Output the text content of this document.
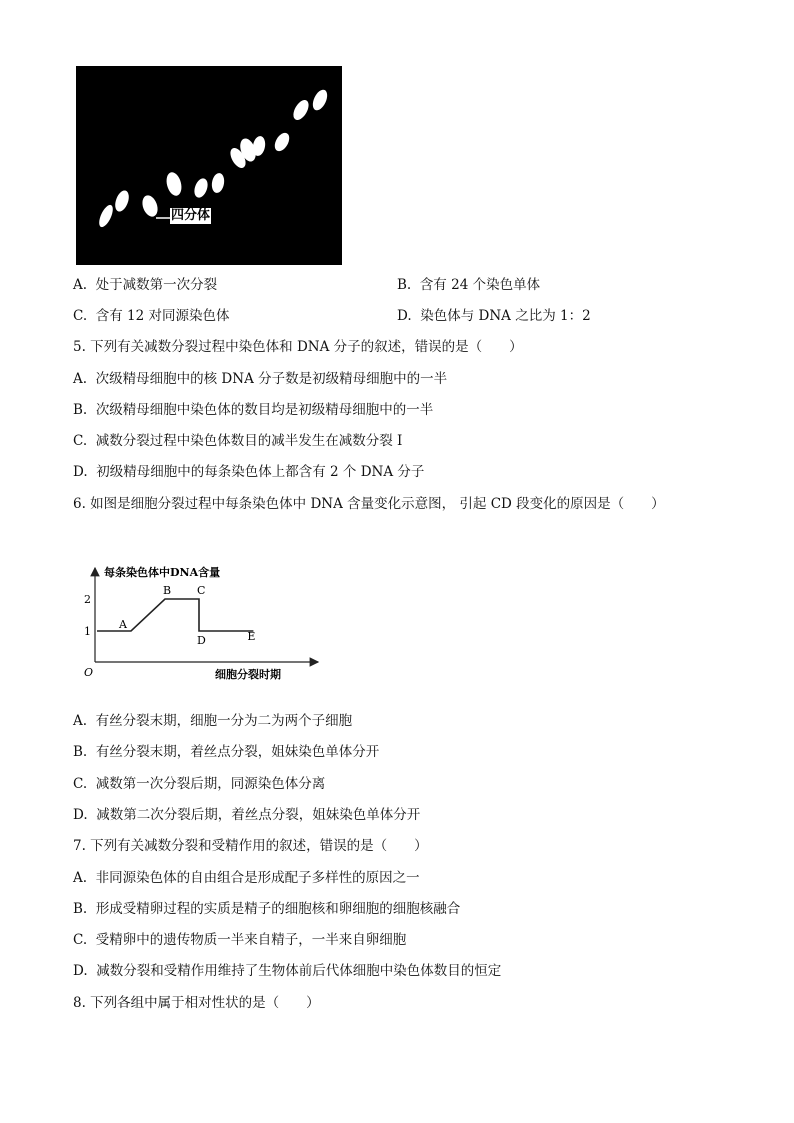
四分体
A. 处于减数第一次分裂	B. 含有 24 个染色单体
C. 含有 12 对同源染色体	D. 染色体与 DNA 之比为 1：2
5. 下列有关减数分裂过程中染色体和 DNA 分子的叙述，错误的是（　　）
A. 次级精母细胞中的核 DNA 分子数是初级精母细胞中的一半
B. 次级精母细胞中染色体的数目均是初级精母细胞中的一半
C. 减数分裂过程中染色体数目的减半发生在减数分裂 I
D. 初级精母细胞中的每条染色体上都含有 2 个 DNA 分子
6. 如图是细胞分裂过程中每条染色体中 DNA 含量变化示意图， 引起 CD 段变化的原因是（　　）
1
2
A
B C
D	E
每条染色体中DNA含量
细胞分裂时期
O
A. 有丝分裂末期，细胞一分为二为两个子细胞
B. 有丝分裂末期，着丝点分裂，姐妹染色单体分开
C. 减数第一次分裂后期，同源染色体分离
D. 减数第二次分裂后期，着丝点分裂，姐妹染色单体分开
7. 下列有关减数分裂和受精作用的叙述，错误的是（　　）
A. 非同源染色体的自由组合是形成配子多样性的原因之一
B. 形成受精卵过程的实质是精子的细胞核和卵细胞的细胞核融合
C. 受精卵中的遗传物质一半来自精子，一半来自卵细胞
D. 减数分裂和受精作用维持了生物体前后代体细胞中染色体数目的恒定
8. 下列各组中属于相对性状的是（　　）
